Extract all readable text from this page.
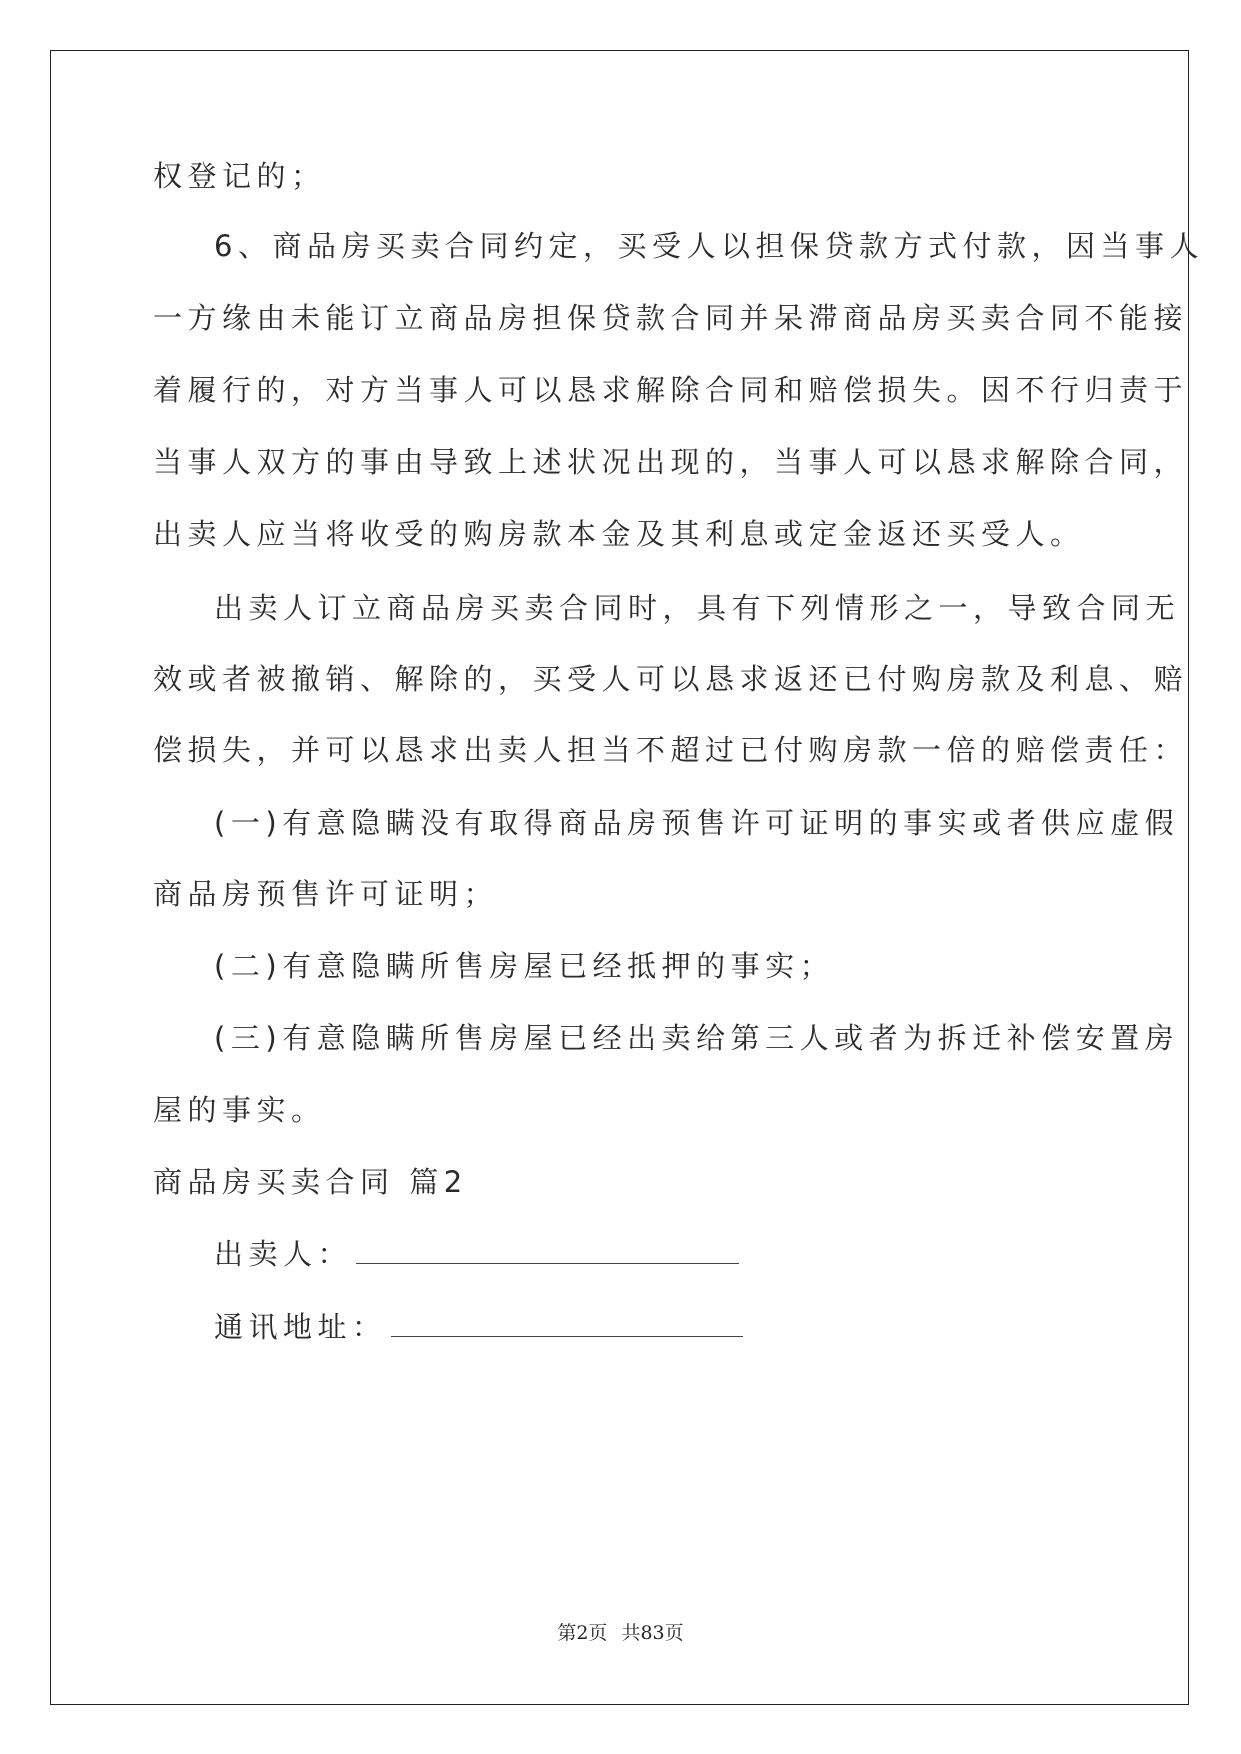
权登记的；
6、商品房买卖合同约定，买受人以担保贷款方式付款，因当事人
一方缘由未能订立商品房担保贷款合同并呆滞商品房买卖合同不能接
着履行的，对方当事人可以恳求解除合同和赔偿损失。因不行归责于
当事人双方的事由导致上述状况出现的，当事人可以恳求解除合同，
出卖人应当将收受的购房款本金及其利息或定金返还买受人。
出卖人订立商品房买卖合同时，具有下列情形之一，导致合同无
效或者被撤销、解除的，买受人可以恳求返还已付购房款及利息、赔
偿损失，并可以恳求出卖人担当不超过已付购房款一倍的赔偿责任：
(一)有意隐瞒没有取得商品房预售许可证明的事实或者供应虚假
商品房预售许可证明；
(二)有意隐瞒所售房屋已经抵押的事实；
(三)有意隐瞒所售房屋已经出卖给第三人或者为拆迁补偿安置房
屋的事实。
商品房买卖合同 篇2
出卖人：
通讯地址：
第2页 共83页
